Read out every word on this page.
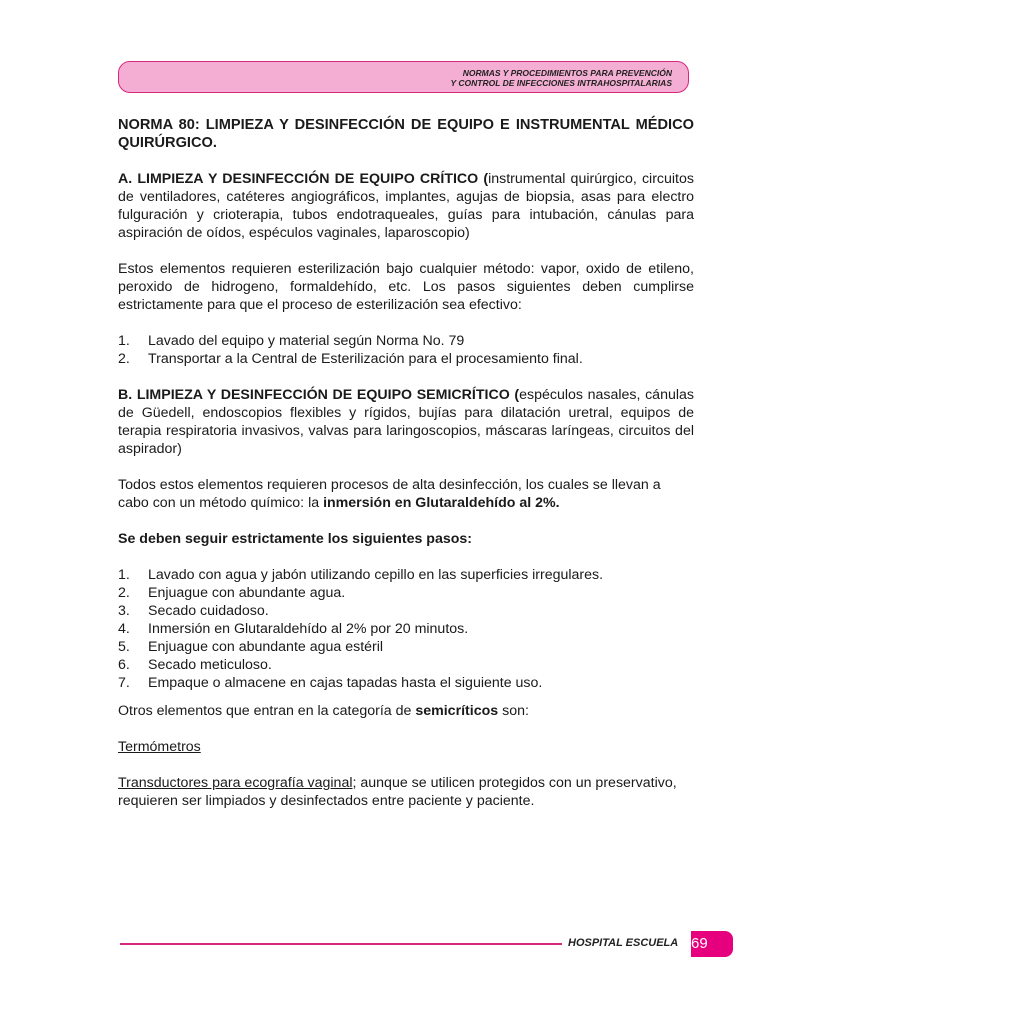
NORMAS Y PROCEDIMIENTOS PARA PREVENCIÓN
Y CONTROL DE INFECCIONES INTRAHOSPITALARIAS

NORMA 80: LIMPIEZA Y DESINFECCIÓN DE EQUIPO E INSTRUMENTAL MÉDICO QUIRÚRGICO.

A. LIMPIEZA Y DESINFECCIÓN DE EQUIPO CRÍTICO (instrumental quirúrgico, circuitos de ventiladores, catéteres angiográficos, implantes, agujas de biopsia, asas para electro fulguración y crioterapia, tubos endotraqueales, guías para intubación, cánulas para aspiración de oídos, espéculos vaginales, laparoscopio)

Estos elementos requieren esterilización bajo cualquier método: vapor, oxido de etileno, peroxido de hidrogeno, formaldehído, etc. Los pasos siguientes deben cumplirse estrictamente para que el proceso de esterilización sea efectivo:

1.	Lavado del equipo y material según Norma No. 79
2.	Transportar a la Central de Esterilización para el procesamiento final.

B. LIMPIEZA Y DESINFECCIÓN DE EQUIPO SEMICRÍTICO (espéculos nasales, cánulas de Güedell, endoscopios flexibles y rígidos, bujías para dilatación uretral, equipos de terapia respiratoria invasivos, valvas para laringoscopios, máscaras laríngeas, circuitos del aspirador)

Todos estos elementos requieren procesos de alta desinfección, los cuales se llevan a cabo con un método químico: la inmersión en Glutaraldehído al 2%.

Se deben seguir estrictamente los siguientes pasos:

1.	Lavado con agua y jabón utilizando cepillo en las superficies irregulares.
2.	Enjuague con abundante agua.
3.	Secado cuidadoso.
4.	Inmersión en Glutaraldehído al 2% por 20 minutos.
5.	Enjuague con abundante agua estéril
6.	Secado meticuloso.
7.	Empaque o almacene en cajas tapadas hasta el siguiente uso.

Otros elementos que entran en la categoría de semicríticos son:

Termómetros

Transductores para ecografía vaginal; aunque se utilicen protegidos con un preservativo, requieren ser limpiados y desinfectados entre paciente y paciente.

HOSPITAL ESCUELA 69
